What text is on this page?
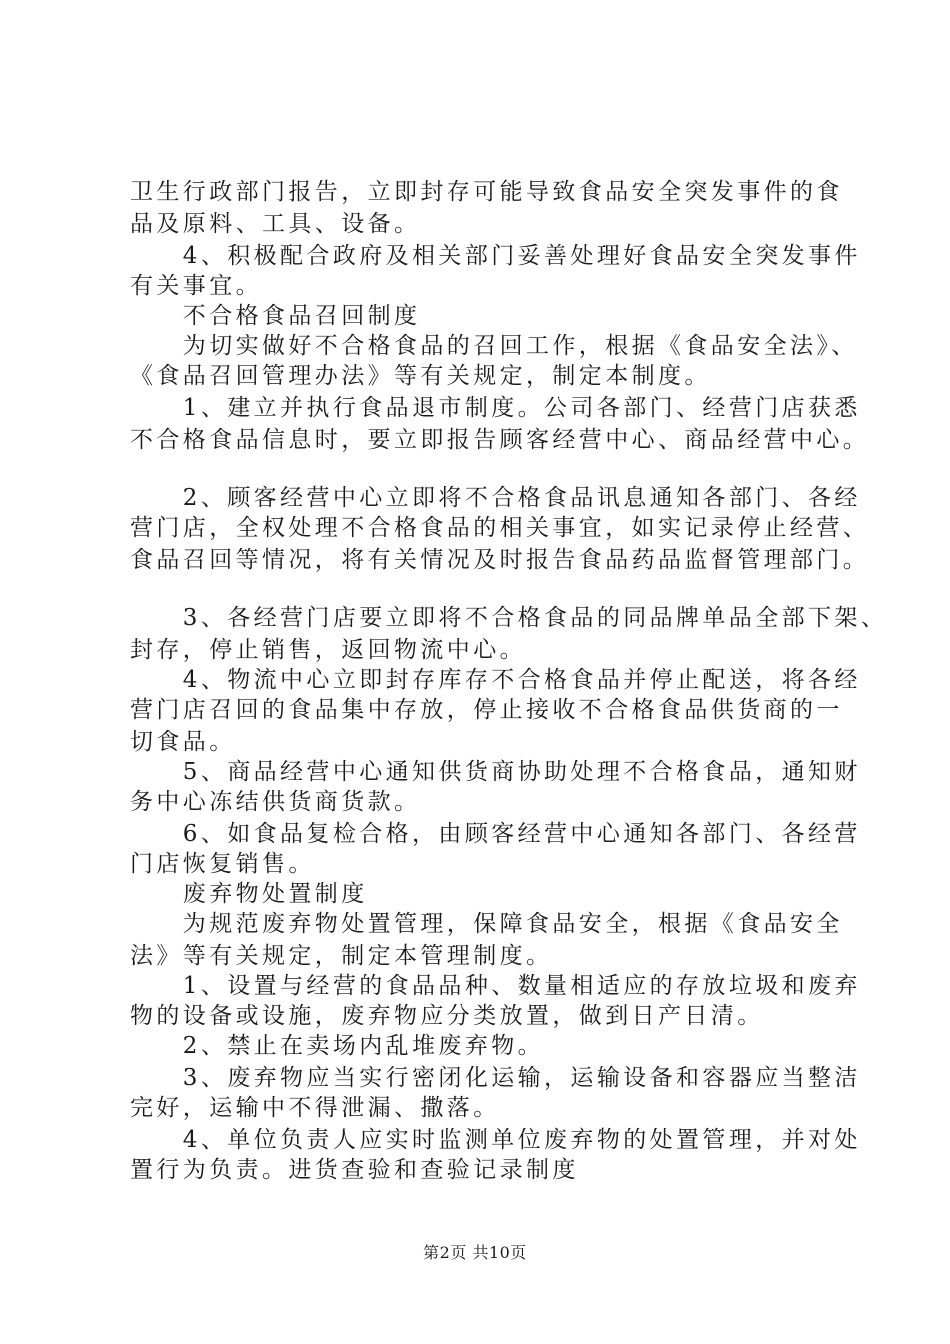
卫生行政部门报告，立即封存可能导致食品安全突发事件的食
品及原料、工具、设备。
　　4、积极配合政府及相关部门妥善处理好食品安全突发事件
有关事宜。
　　不合格食品召回制度
　　为切实做好不合格食品的召回工作，根据《食品安全法》、
《食品召回管理办法》等有关规定，制定本制度。
　　1、建立并执行食品退市制度。公司各部门、经营门店获悉
不合格食品信息时，要立即报告顾客经营中心、商品经营中心。
　　2、顾客经营中心立即将不合格食品讯息通知各部门、各经
营门店，全权处理不合格食品的相关事宜，如实记录停止经营、
食品召回等情况，将有关情况及时报告食品药品监督管理部门。
　　3、各经营门店要立即将不合格食品的同品牌单品全部下架、
封存，停止销售，返回物流中心。
　　4、物流中心立即封存库存不合格食品并停止配送，将各经
营门店召回的食品集中存放，停止接收不合格食品供货商的一
切食品。
　　5、商品经营中心通知供货商协助处理不合格食品，通知财
务中心冻结供货商货款。
　　6、如食品复检合格，由顾客经营中心通知各部门、各经营
门店恢复销售。
　　废弃物处置制度
　　为规范废弃物处置管理，保障食品安全，根据《食品安全
法》等有关规定，制定本管理制度。
　　1、设置与经营的食品品种、数量相适应的存放垃圾和废弃
物的设备或设施，废弃物应分类放置，做到日产日清。
　　2、禁止在卖场内乱堆废弃物。
　　3、废弃物应当实行密闭化运输，运输设备和容器应当整洁
完好，运输中不得泄漏、撒落。
　　4、单位负责人应实时监测单位废弃物的处置管理，并对处
置行为负责。进货查验和查验记录制度
第2页 共10页
